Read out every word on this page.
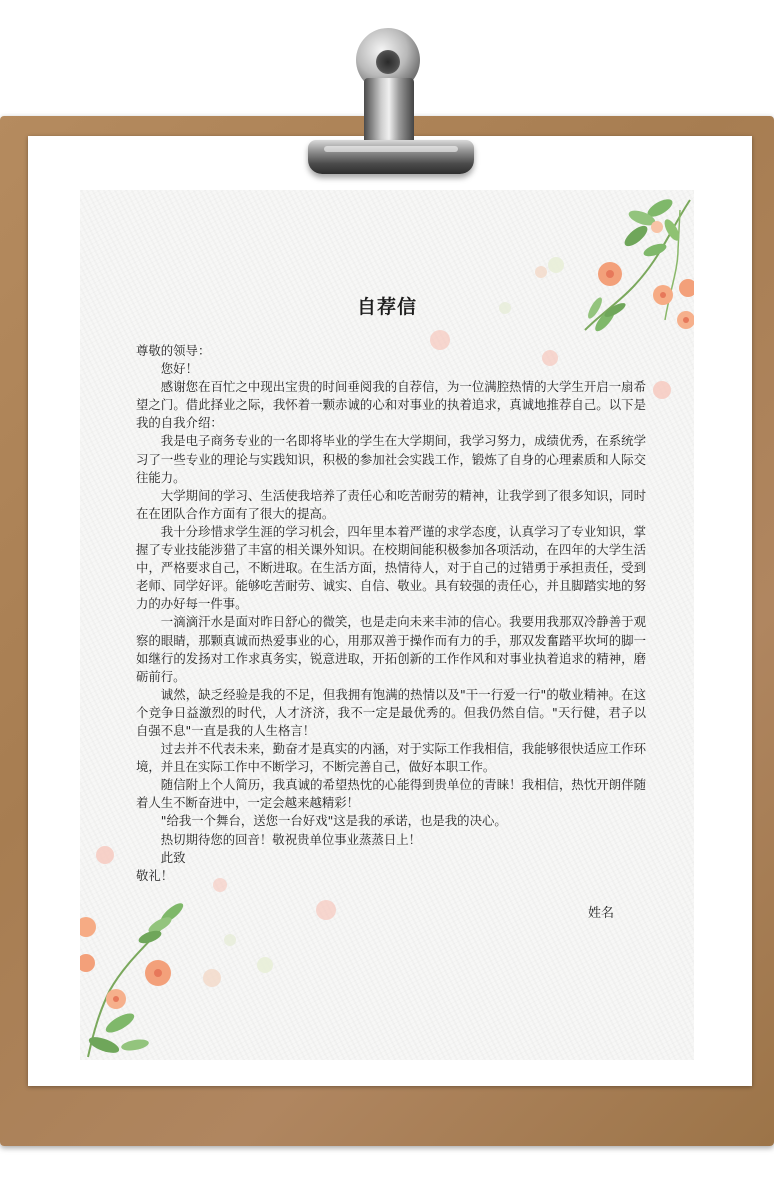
自荐信

尊敬的领导：

您好！

感谢您在百忙之中现出宝贵的时间垂阅我的自荐信，为一位满腔热情的大学生开启一扇希望之门。借此择业之际，我怀着一颗赤诚的心和对事业的执着追求，真诚地推荐自己。以下是我的自我介绍：

我是电子商务专业的一名即将毕业的学生在大学期间，我学习努力，成绩优秀，在系统学习了一些专业的理论与实践知识，积极的参加社会实践工作，锻炼了自身的心理素质和人际交往能力。

大学期间的学习、生活使我培养了责任心和吃苦耐劳的精神，让我学到了很多知识，同时在在团队合作方面有了很大的提高。

我十分珍惜求学生涯的学习机会，四年里本着严谨的求学态度，认真学习了专业知识，掌握了专业技能涉猎了丰富的相关课外知识。在校期间能积极参加各项活动，在四年的大学生活中，严格要求自己，不断进取。在生活方面，热情待人，对于自己的过错勇于承担责任，受到老师、同学好评。能够吃苦耐劳、诚实、自信、敬业。具有较强的责任心，并且脚踏实地的努力的办好每一件事。

一滴滴汗水是面对昨日舒心的微笑，也是走向未来丰沛的信心。我要用我那双冷静善于观察的眼睛，那颗真诚而热爱事业的心，用那双善于操作而有力的手，那双发奮踏平坎坷的脚一如继行的发扬对工作求真务实，锐意进取，开拓创新的工作作风和对事业执着追求的精神，磨砺前行。

诚然，缺乏经验是我的不足，但我拥有饱满的热情以及"干一行爱一行"的敬业精神。在这个竞争日益激烈的时代，人才济济，我不一定是最优秀的。但我仍然自信。"天行健，君子以自强不息"一直是我的人生格言！

过去并不代表未来，勤奋才是真实的内涵，对于实际工作我相信，我能够很快适应工作环境，并且在实际工作中不断学习，不断完善自己，做好本职工作。

随信附上个人简历，我真诚的希望热忱的心能得到贵单位的青睐！我相信，热忱开朗伴随着人生不断奋进中，一定会越来越精彩！

"给我一个舞台，送您一台好戏"这是我的承诺，也是我的决心。

热切期待您的回音！敬祝贵单位事业蒸蒸日上！

此致

敬礼！

姓名
